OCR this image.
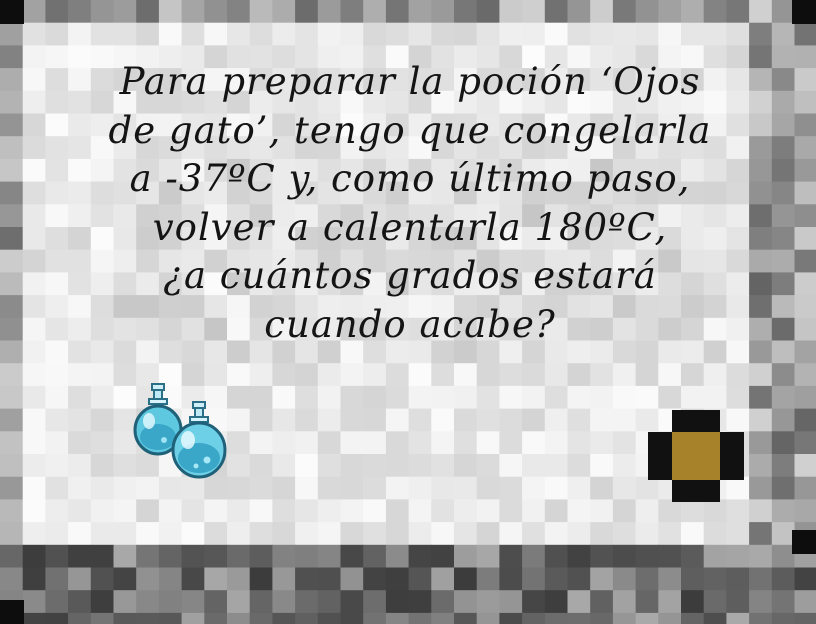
Para preparar la poción ‘Ojos
de gato’, tengo que congelarla
a -37ºC y, como último paso,
volver a calentarla 180ºC,
¿a cuántos grados estará
cuando acabe?
